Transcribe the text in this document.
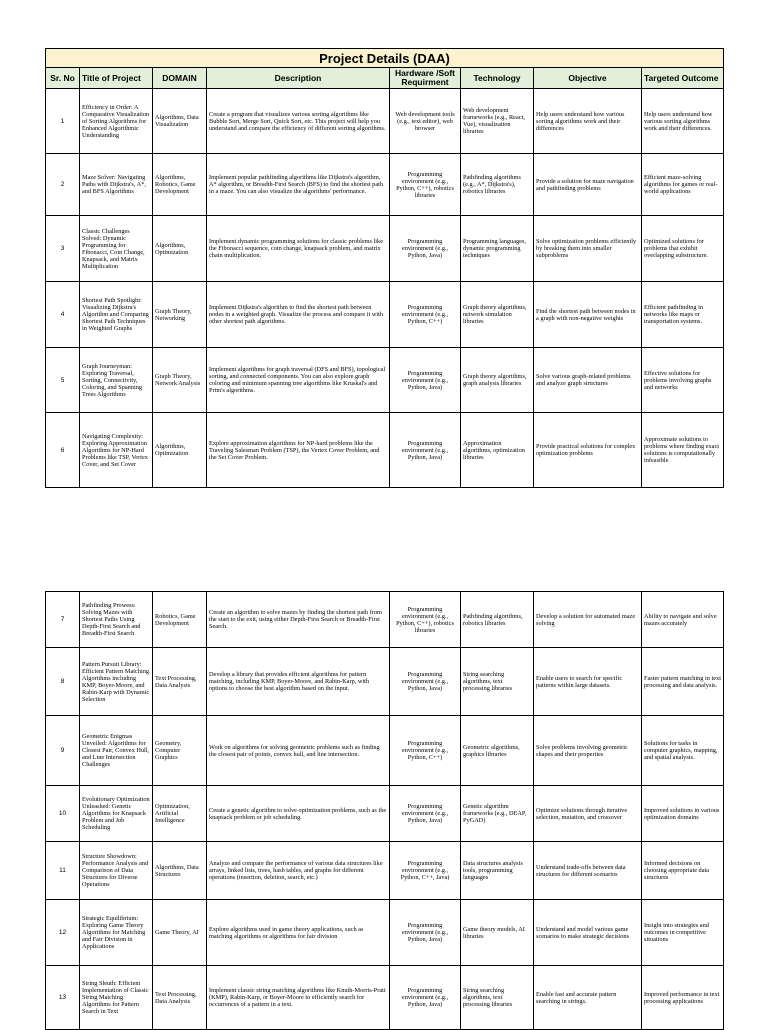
Project Details (DAA)							
Sr. No	Title of Project	DOMAIN	Description	Hardware /Soft Requirment	Technology	Objective	Targeted Outcome
1	Efficiency in Order: A Comparative Visualization of Sorting Algorithms for Enhanced Algorithmic Understanding	Algorithms, Data Visualization	Create a program that visualizes various sorting algorithms like Bubble Sort, Merge Sort, Quick Sort, etc. This project will help you understand and compare the efficiency of different sorting algorithms.	Web development tools (e.g., text editor), web browser	Web development frameworks (e.g., React, Vue), visualization libraries	Help users understand how various sorting algorithms work and their differences	Help users understand how various sorting algorithms work and their differences.
2	Maze Solver: Navigating Paths with Dijkstra's, A*, and BFS Algorithms	Algorithms, Robotics, Game Development	Implement popular pathfinding algorithms like Dijkstra's algorithm, A* algorithm, or Breadth-First Search (BFS) to find the shortest path in a maze. You can also visualize the algorithms' performance.	Programming environment (e.g., Python, C++), robotics libraries	Pathfinding algorithms (e.g., A*, Dijkstra's), robotics libraries	Provide a solution for maze navigation and pathfinding problems	Efficient maze-solving algorithms for games or real-world applications
3	Classic Challenges Solved: Dynamic Programming for Fibonacci, Coin Change, Knapsack, and Matrix Multiplication	Algorithms, Optimization	Implement dynamic programming solutions for classic problems like the Fibonacci sequence, coin change, knapsack problem, and matrix chain multiplication.	Programming environment (e.g., Python, Java)	Programming languages, dynamic programming techniques	Solve optimization problems efficiently by breaking them into smaller subproblems	Optimized solutions for problems that exhibit overlapping substructure.
4	Shortest Path Spotlight: Visualizing Dijkstra's Algorithm and Comparing Shortest Path Techniques in Weighted Graphs	Graph Theory, Networking	Implement Dijkstra's algorithm to find the shortest path between nodes in a weighted graph. Visualize the process and compare it with other shortest path algorithms.	Programming environment (e.g., Python, C++)	Graph theory algorithms, network simulation libraries	Find the shortest path between nodes in a graph with non-negative weights	Efficient pathfinding in networks like maps or transportation systems.
5	Graph Journeyman: Exploring Traversal, Sorting, Connectivity, Coloring, and Spanning Trees Algorithms	Graph Theory, Network Analysis	Implement algorithms for graph traversal (DFS and BFS), topological sorting, and connected components. You can also explore graph coloring and minimum spanning tree algorithms like Kruskal's and Prim's algorithms.	Programming environment (e.g., Python, Java)	Graph theory algorithms, graph analysis libraries	Solve various graph-related problems and analyze graph structures	Effective solutions for problems involving graphs and networks
6	Navigating Complexity: Exploring Approximation Algorithms for NP-Hard Problems like TSP, Vertex Cover, and Set Cover	Algorithms, Optimization	Explore approximation algorithms for NP-hard problems like the Traveling Salesman Problem (TSP), the Vertex Cover Problem, and the Set Cover Problem.	Programming environment (e.g., Python, Java)	Approximation algorithms, optimization libraries	Provide practical solutions for complex optimization problems	Approximate solutions to problems where finding exact solutions is computationally infeasible
7	Pathfinding Prowess: Solving Mazes with Shortest Paths Using Depth-First Search and Breadth-First Search	Robotics, Game Development	Create an algorithm to solve mazes by finding the shortest path from the start to the exit, using either Depth-First Search or Breadth-First Search.	Programming environment (e.g., Python, C++), robotics libraries	Pathfinding algorithms, robotics libraries	Develop a solution for automated maze solving	Ability to navigate and solve mazes accurately
8	Pattern Pursuit Library: Efficient Pattern Matching Algorithms including KMP, Boyer-Moore, and Rabin-Karp with Dynamic Selection	Text Processing, Data Analysis	Develop a library that provides efficient algorithms for pattern matching, including KMP, Boyer-Moore, and Rabin-Karp, with options to choose the best algorithm based on the input.	Programming environment (e.g., Python, Java)	String searching algorithms, text processing libraries	Enable users to search for specific patterns within large datasets.	Faster pattern matching in text processing and data analysis.
9	Geometric Enigmas Unveiled: Algorithms for Closest Pair, Convex Hull, and Line Intersection Challenges	Geometry, Computer Graphics	Work on algorithms for solving geometric problems such as finding the closest pair of points, convex hull, and line intersection.	Programming environment (e.g., Python, C++)	Geometric algorithms, graphics libraries	Solve problems involving geometric shapes and their properties	Solutions for tasks in computer graphics, mapping, and spatial analysis.
10	Evolutionary Optimization Unleashed: Genetic Algorithms for Knapsack Problem and Job Scheduling	Optimization, Artificial Intelligence	Create a genetic algorithm to solve optimization problems, such as the knapsack problem or job scheduling.	Programming environment (e.g., Python, Java)	Genetic algorithm frameworks (e.g., DEAP, PyGAD)	Optimize solutions through iterative selection, mutation, and crossover	Improved solutions in various optimization domains
11	Structure Showdown: Performance Analysis and Comparison of Data Structures for Diverse Operations	Algorithms, Data Structures	Analyze and compare the performance of various data structures like arrays, linked lists, trees, hash tables, and graphs for different operations (insertion, deletion, search, etc.)	Programming environment (e.g., Python, C++, Java)	Data structures analysis tools, programming languages	Understand trade-offs between data structures for different scenarios	Informed decisions on choosing appropriate data structures
12	Strategic Equilibrium: Exploring Game Theory Algorithms for Matching and Fair Division in Applications	Game Theory, AI	Explore algorithms used in game theory applications, such as matching algorithms or algorithms for fair division	Programming environment (e.g., Python, Java)	Game theory models, AI libraries	Understand and model various game scenarios to make strategic decisions	Insight into strategies and outcomes in competitive situations
13	String Sleuth: Efficient Implementation of Classic String Matching Algorithms for Pattern Search in Text	Text Processing, Data Analysis	Implement classic string matching algorithms like Knuth-Morris-Pratt (KMP), Rabin-Karp, or Boyer-Moore to efficiently search for occurrences of a pattern in a text.	Programming environment (e.g., Python, Java)	String searching algorithms, text processing libraries	Enable fast and accurate pattern searching in strings.	Improved performance in text processing applications
